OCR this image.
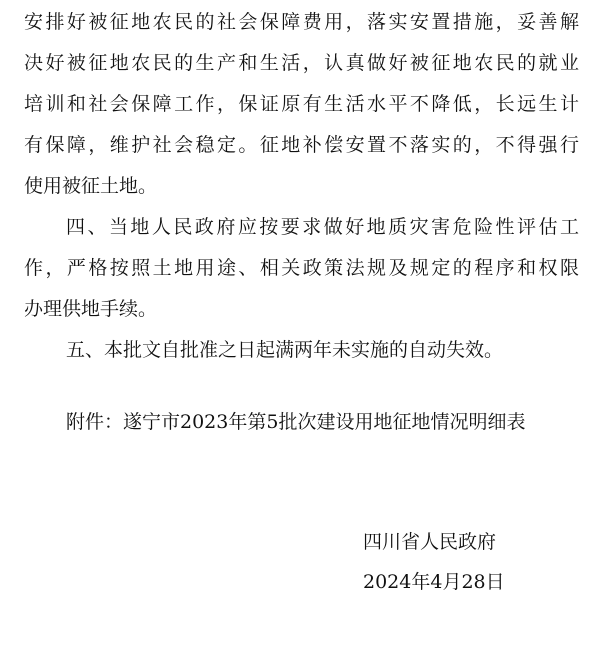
安排好被征地农民的社会保障费用，落实安置措施，妥善解
决好被征地农民的生产和生活，认真做好被征地农民的就业
培训和社会保障工作，保证原有生活水平不降低，长远生计
有保障，维护社会稳定。征地补偿安置不落实的，不得强行
使用被征土地。
四、当地人民政府应按要求做好地质灾害危险性评估工
作，严格按照土地用途、相关政策法规及规定的程序和权限
办理供地手续。
五、本批文自批准之日起满两年未实施的自动失效。
附件：遂宁市2023年第5批次建设用地征地情况明细表
四川省人民政府
2024年4月28日
